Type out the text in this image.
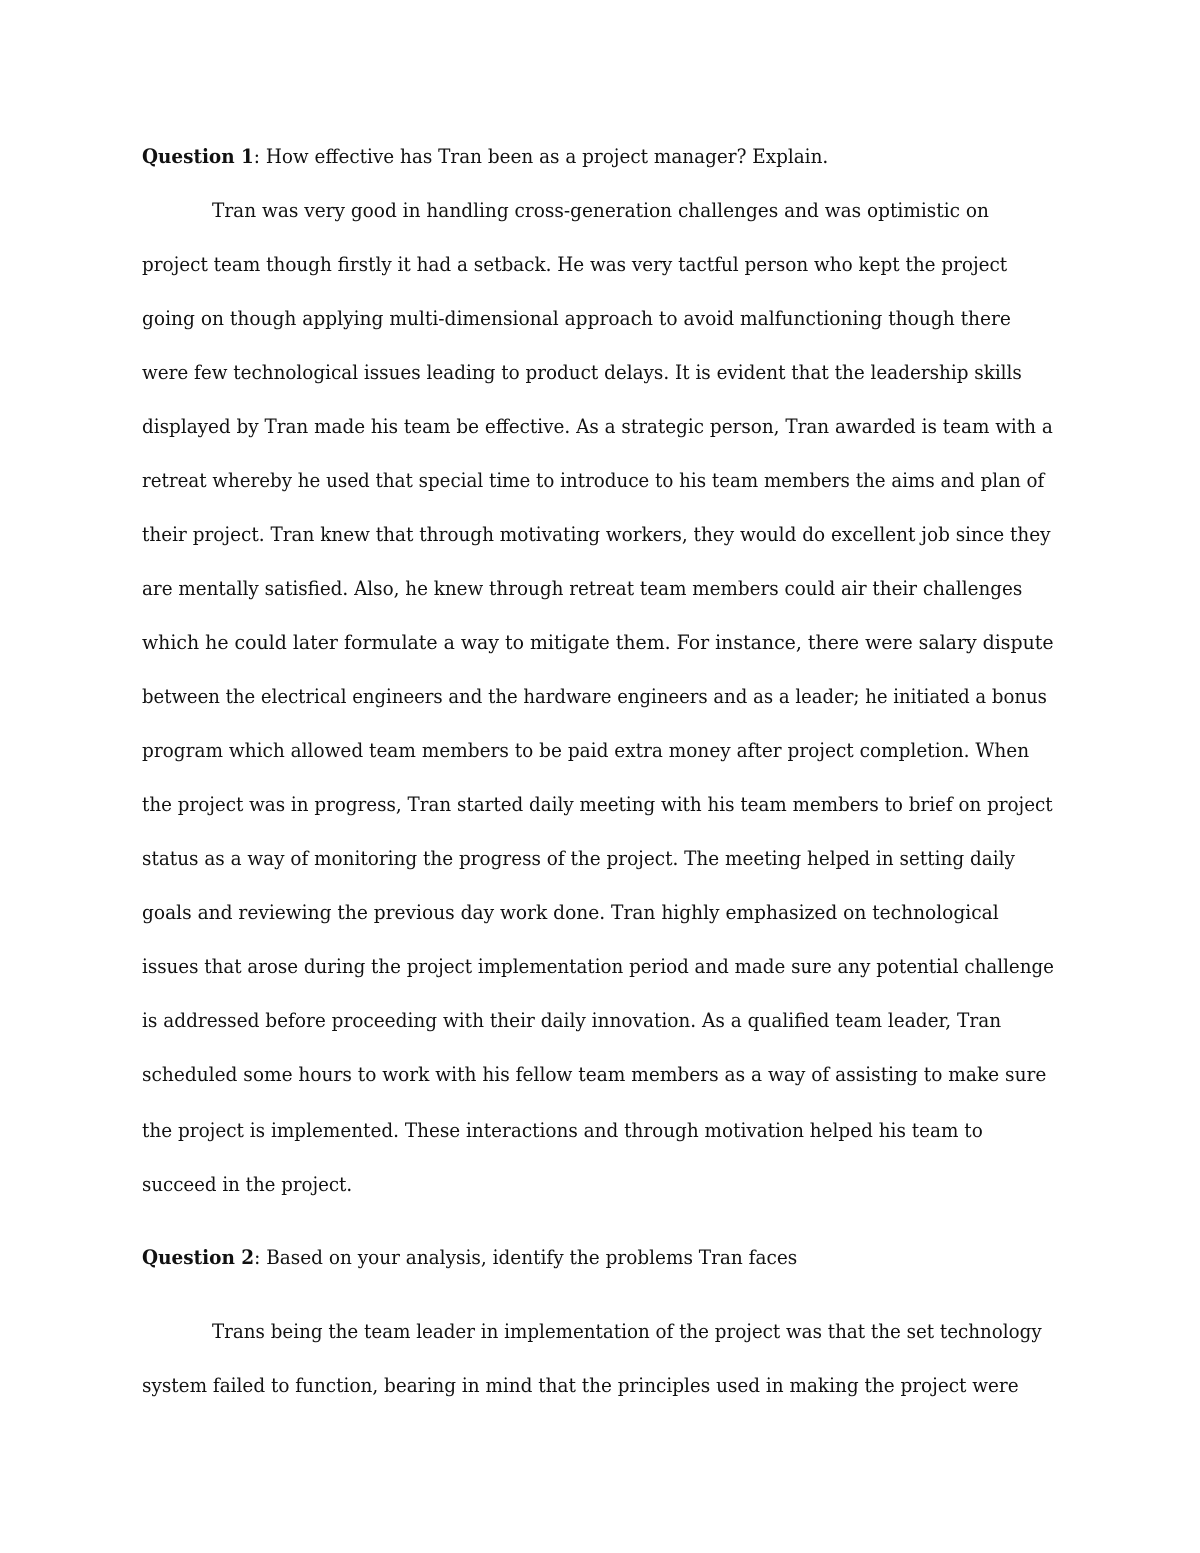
Question 1: How effective has Tran been as a project manager? Explain.
Tran was very good in handling cross-generation challenges and was optimistic on
project team though firstly it had a setback. He was very tactful person who kept the project
going on though applying multi-dimensional approach to avoid malfunctioning though there
were few technological issues leading to product delays. It is evident that the leadership skills
displayed by Tran made his team be effective. As a strategic person, Tran awarded is team with a
retreat whereby he used that special time to introduce to his team members the aims and plan of
their project. Tran knew that through motivating workers, they would do excellent job since they
are mentally satisfied. Also, he knew through retreat team members could air their challenges
which he could later formulate a way to mitigate them. For instance, there were salary dispute
between the electrical engineers and the hardware engineers and as a leader; he initiated a bonus
program which allowed team members to be paid extra money after project completion. When
the project was in progress, Tran started daily meeting with his team members to brief on project
status as a way of monitoring the progress of the project. The meeting helped in setting daily
goals and reviewing the previous day work done. Tran highly emphasized on technological
issues that arose during the project implementation period and made sure any potential challenge
is addressed before proceeding with their daily innovation. As a qualified team leader, Tran
scheduled some hours to work with his fellow team members as a way of assisting to make sure
the project is implemented. These interactions and through motivation helped his team to
succeed in the project.
Question 2: Based on your analysis, identify the problems Tran faces
Trans being the team leader in implementation of the project was that the set technology
system failed to function, bearing in mind that the principles used in making the project were
